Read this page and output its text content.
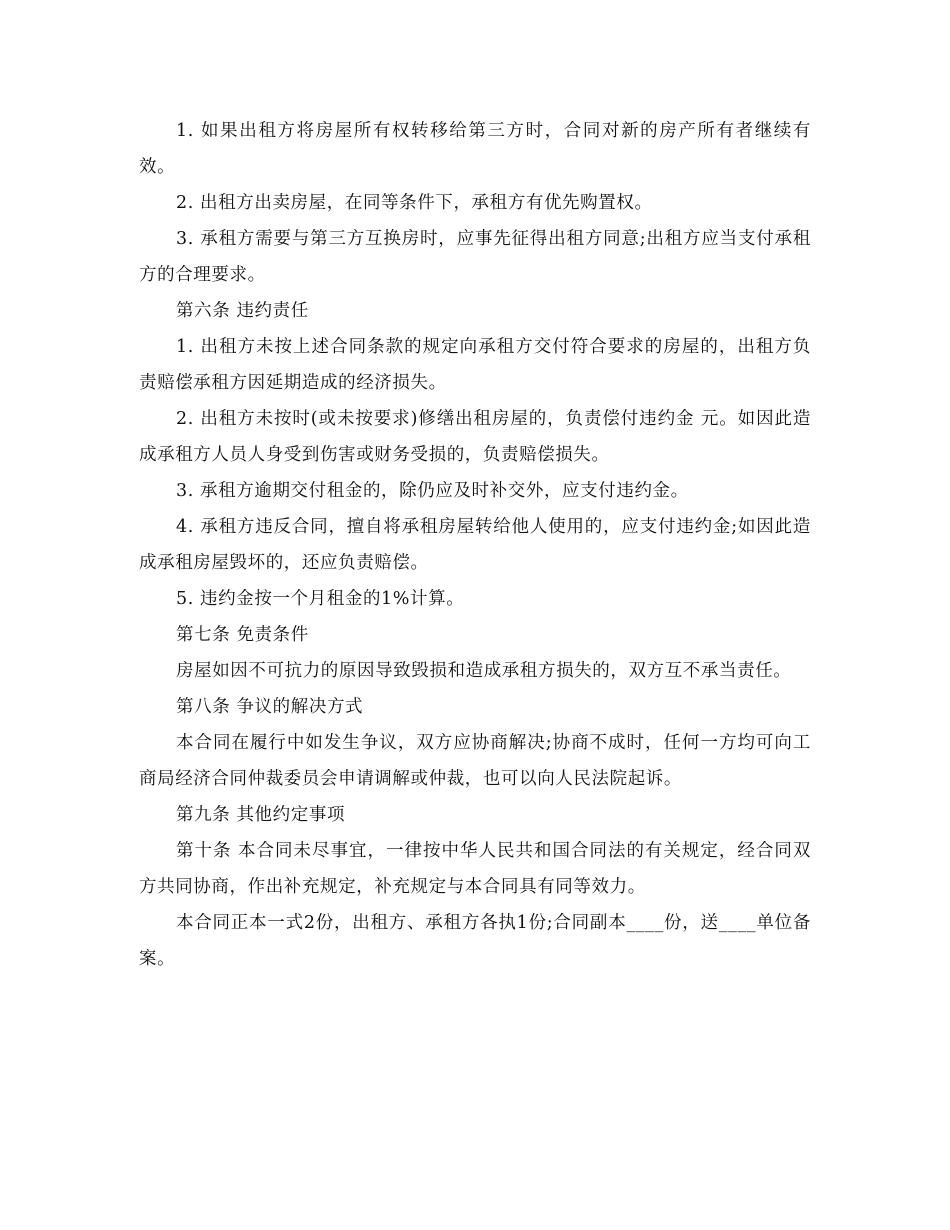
1. 如果出租方将房屋所有权转移给第三方时，合同对新的房产所有者继续有效。

2. 出租方出卖房屋，在同等条件下，承租方有优先购置权。

3. 承租方需要与第三方互换房时，应事先征得出租方同意;出租方应当支付承租方的合理要求。

第六条 违约责任

1. 出租方未按上述合同条款的规定向承租方交付符合要求的房屋的，出租方负责赔偿承租方因延期造成的经济损失。

2. 出租方未按时(或未按要求)修缮出租房屋的，负责偿付违约金 元。如因此造成承租方人员人身受到伤害或财务受损的，负责赔偿损失。

3. 承租方逾期交付租金的，除仍应及时补交外，应支付违约金。

4. 承租方违反合同，擅自将承租房屋转给他人使用的，应支付违约金;如因此造成承租房屋毁坏的，还应负责赔偿。

5. 违约金按一个月租金的1%计算。

第七条 免责条件

房屋如因不可抗力的原因导致毁损和造成承租方损失的，双方互不承当责任。

第八条 争议的解决方式

本合同在履行中如发生争议，双方应协商解决;协商不成时，任何一方均可向工商局经济合同仲裁委员会申请调解或仲裁，也可以向人民法院起诉。

第九条 其他约定事项

第十条 本合同未尽事宜，一律按中华人民共和国合同法的有关规定，经合同双方共同协商，作出补充规定，补充规定与本合同具有同等效力。

本合同正本一式2份，出租方、承租方各执1份;合同副本____份，送____单位备案。
